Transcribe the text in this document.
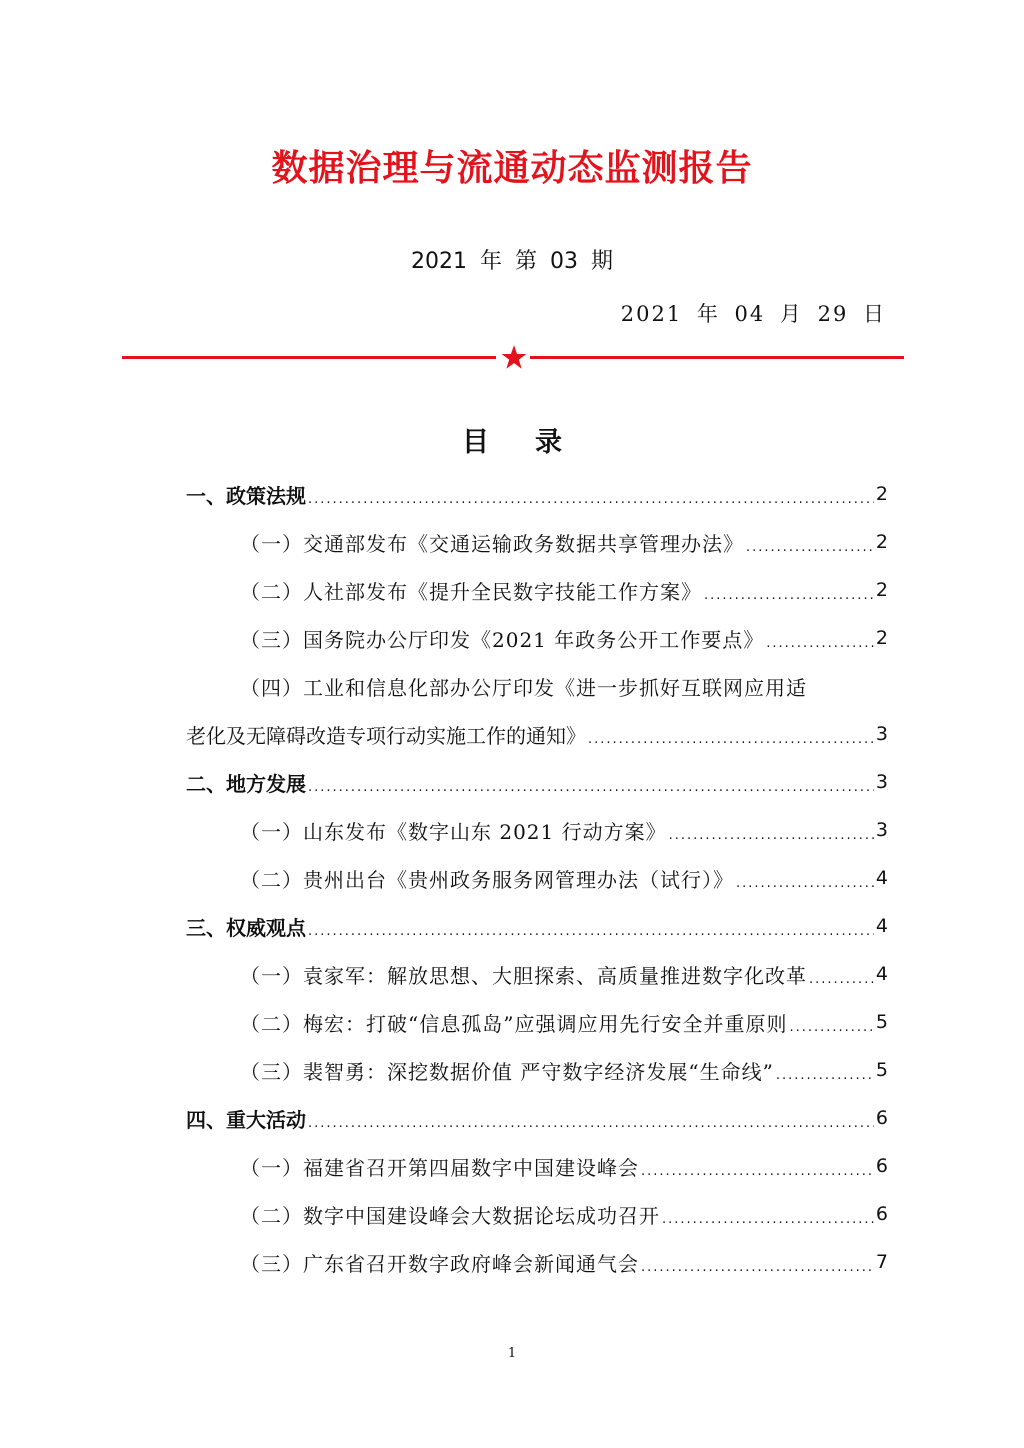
数据治理与流通动态监测报告
2021 年 第 03 期
2021 年 04 月 29 日
目录
一、政策法规 .....	2
（一）交通部发布《交通运输政务数据共享管理办法》 .....	2
（二）人社部发布《提升全民数字技能工作方案》 .....	2
（三）国务院办公厅印发《2021 年政务公开工作要点》 .....	2
（四）工业和信息化部办公厅印发《进一步抓好互联网应用适
老化及无障碍改造专项行动实施工作的通知》 .....	3
二、地方发展 .....	3
（一）山东发布《数字山东 2021 行动方案》 .....	3
（二）贵州出台《贵州政务服务网管理办法（试行）》 .....	4
三、权威观点 .....	4
（一）袁家军：解放思想、大胆探索、高质量推进数字化改革 .....	4
（二）梅宏：打破“信息孤岛”应强调应用先行安全并重原则 .....	5
（三）裴智勇：深挖数据价值 严守数字经济发展“生命线” .....	5
四、重大活动 .....	6
（一）福建省召开第四届数字中国建设峰会 .....	6
（二）数字中国建设峰会大数据论坛成功召开 .....	6
（三）广东省召开数字政府峰会新闻通气会 .....	7
1
